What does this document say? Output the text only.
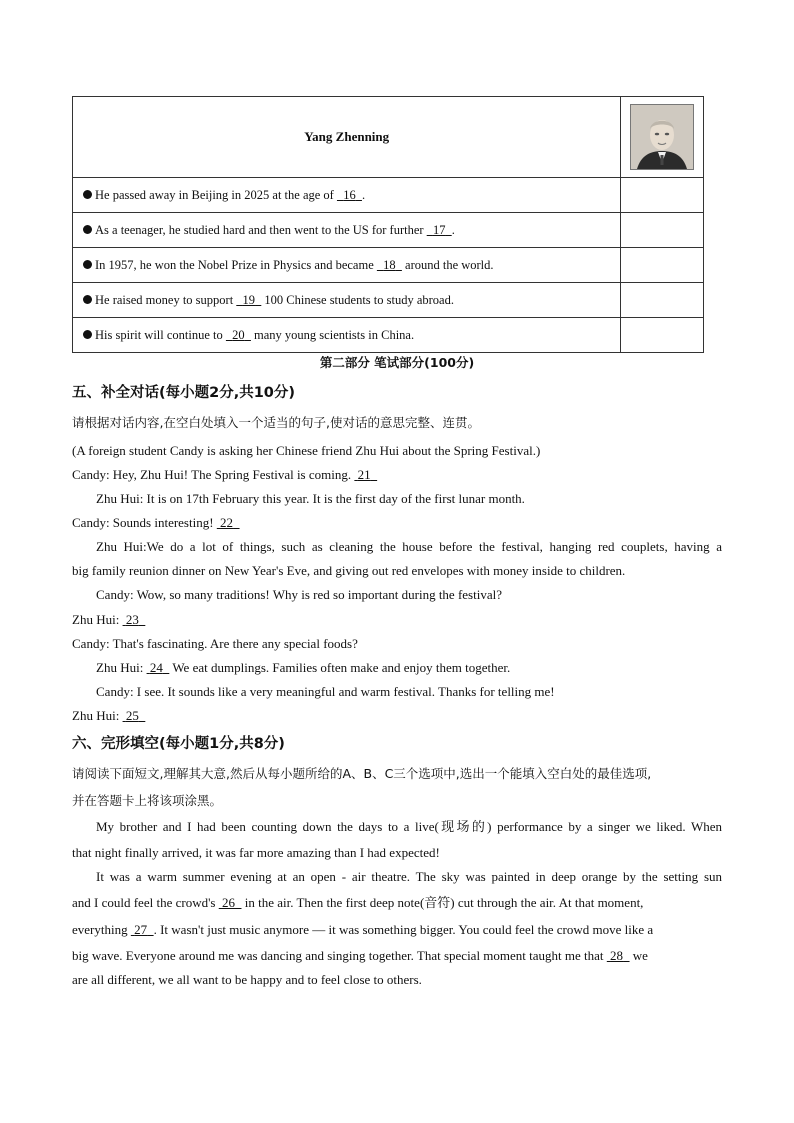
Yang Zhenning	

He passed away in Beijing in 2025 at the age of   16 .	
As a teenager, he studied hard and then went to the US for further   17 .	
In 1957, he won the Nobel Prize in Physics and became   18   around the world.	
He raised money to support   19   100 Chinese students to study abroad.	
His spirit will continue to   20   many young scientists in China.	
第二部分 笔试部分(100分)
五、补全对话(每小题2分,共10分)
请根据对话内容,在空白处填入一个适当的句子,使对话的意思完整、连贯。
(A foreign student Candy is asking her Chinese friend Zhu Hui about the Spring Festival.)
Candy: Hey, Zhu Hui! The Spring Festival is coming.  21
Zhu Hui: It is on 17th February this year. It is the first day of the first lunar month.
Candy: Sounds interesting!  22
Zhu Hui:We do a lot of things, such as cleaning the house before the festival, hanging red couplets, having a
big family reunion dinner on New Year's Eve, and giving out red envelopes with money inside to children.
Candy: Wow, so many traditions! Why is red so important during the festival?
Zhu Hui:  23
Candy: That's fascinating. Are there any special foods?
Zhu Hui:  24   We eat dumplings. Families often make and enjoy them together.
Candy: I see. It sounds like a very meaningful and warm festival. Thanks for telling me!
Zhu Hui:  25
六、完形填空(每小题1分,共8分)
请阅读下面短文,理解其大意,然后从每小题所给的A、B、C三个选项中,选出一个能填入空白处的最佳选项,
并在答题卡上将该项涂黑。
My brother and I had been counting down the days to a live(现场的) performance by a singer we liked. When
that night finally arrived, it was far more amazing than I had expected!
It was a warm summer evening at an open - air theatre. The sky was painted in deep orange by the setting sun
and I could feel the crowd's  26   in the air. Then the first deep note(音符) cut through the air. At that moment,
everything  27 . It wasn't just music anymore — it was something bigger. You could feel the crowd move like a
big wave. Everyone around me was dancing and singing together. That special moment taught me that  28   we
are all different, we all want to be happy and to feel close to others.
